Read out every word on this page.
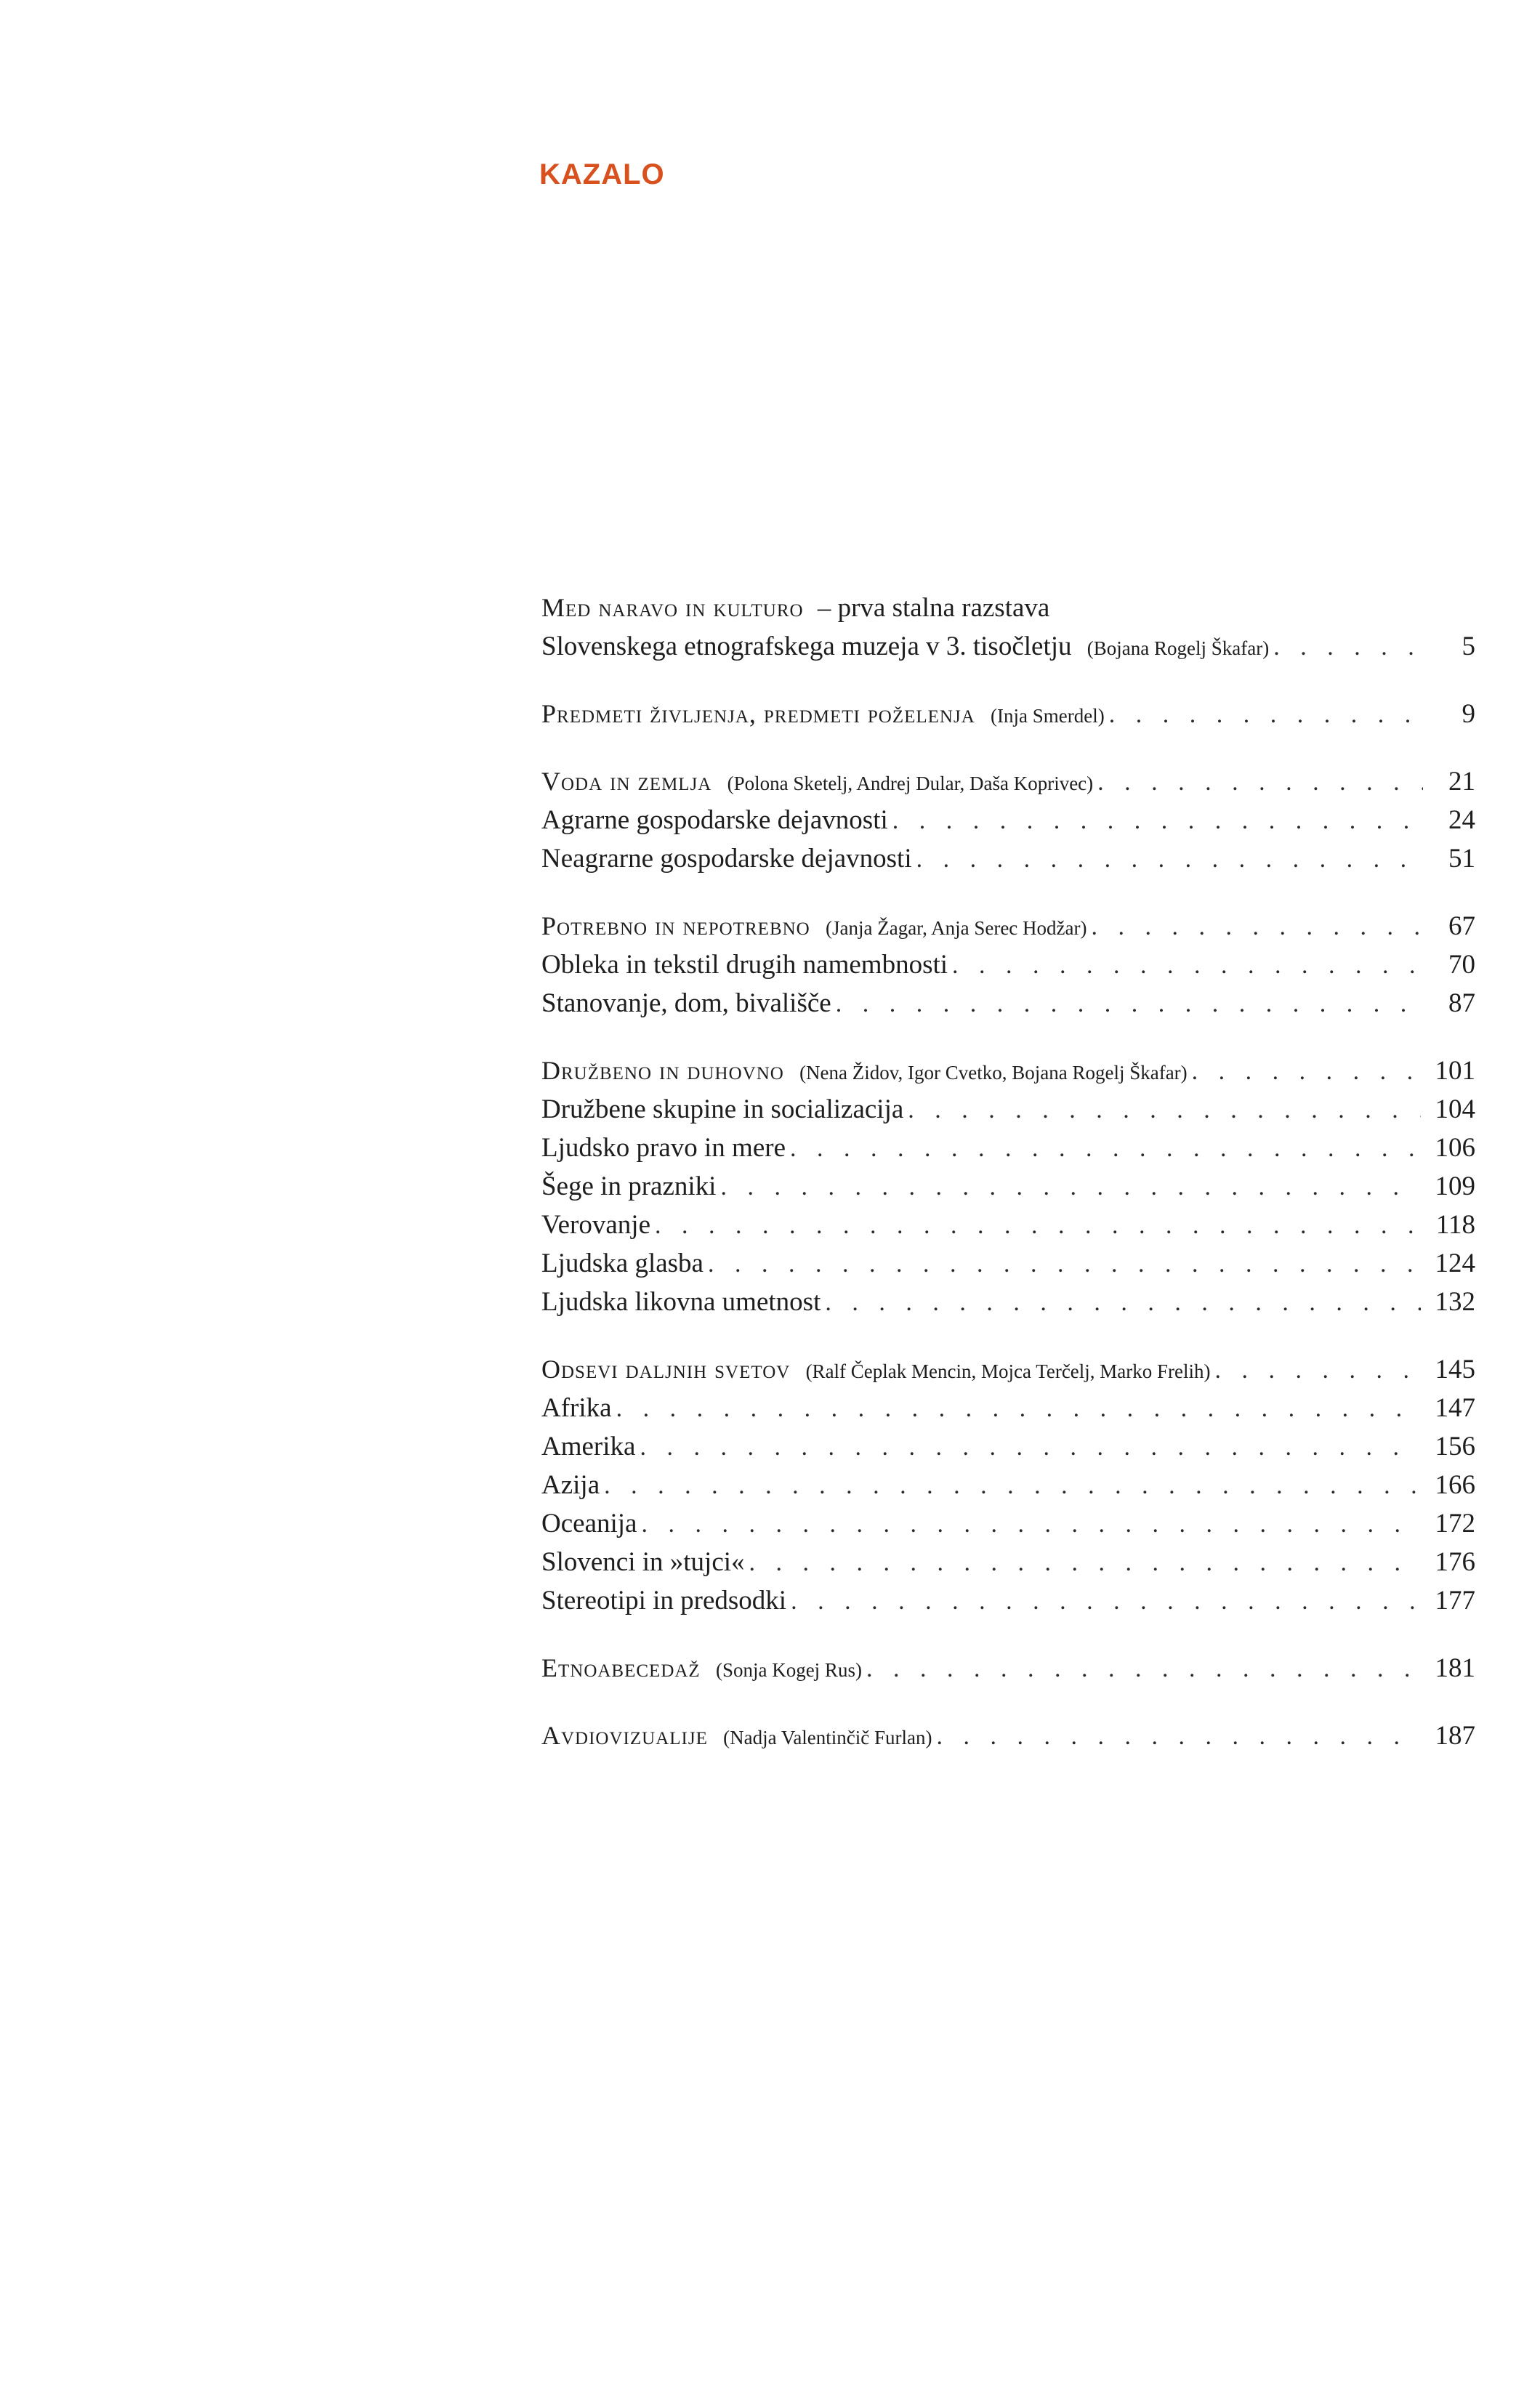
KAZALO
Med naravo in kulturo – prva stalna razstava
Slovenskega etnografskega muzeja v 3. tisočletju (Bojana Rogelj Škafar) . . .	5
Predmeti življenja, predmeti poželenja (Inja Smerdel) . . .	9
Voda in zemlja (Polona Sketelj, Andrej Dular, Daša Koprivec) . . .	21
Agrarne gospodarske dejavnosti . . .	24
Neagrarne gospodarske dejavnosti . . .	51
Potrebno in nepotrebno (Janja Žagar, Anja Serec Hodžar) . . .	67
Obleka in tekstil drugih namembnosti . . .	70
Stanovanje, dom, bivališče . . .	87
Družbeno in duhovno (Nena Židov, Igor Cvetko, Bojana Rogelj Škafar) . . .	101
Družbene skupine in socializacija . . .	104
Ljudsko pravo in mere . . .	106
Šege in prazniki . . .	109
Verovanje . . .	118
Ljudska glasba . . .	124
Ljudska likovna umetnost . . .	132
Odsevi daljnih svetov (Ralf Čeplak Mencin, Mojca Terčelj, Marko Frelih) . . .	145
Afrika . . .	147
Amerika . . .	156
Azija . . .	166
Oceanija . . .	172
Slovenci in »tujci« . . .	176
Stereotipi in predsodki . . .	177
Etnoabecedaž (Sonja Kogej Rus) . . .	181
Avdiovizualije (Nadja Valentinčič Furlan) . . .	187
